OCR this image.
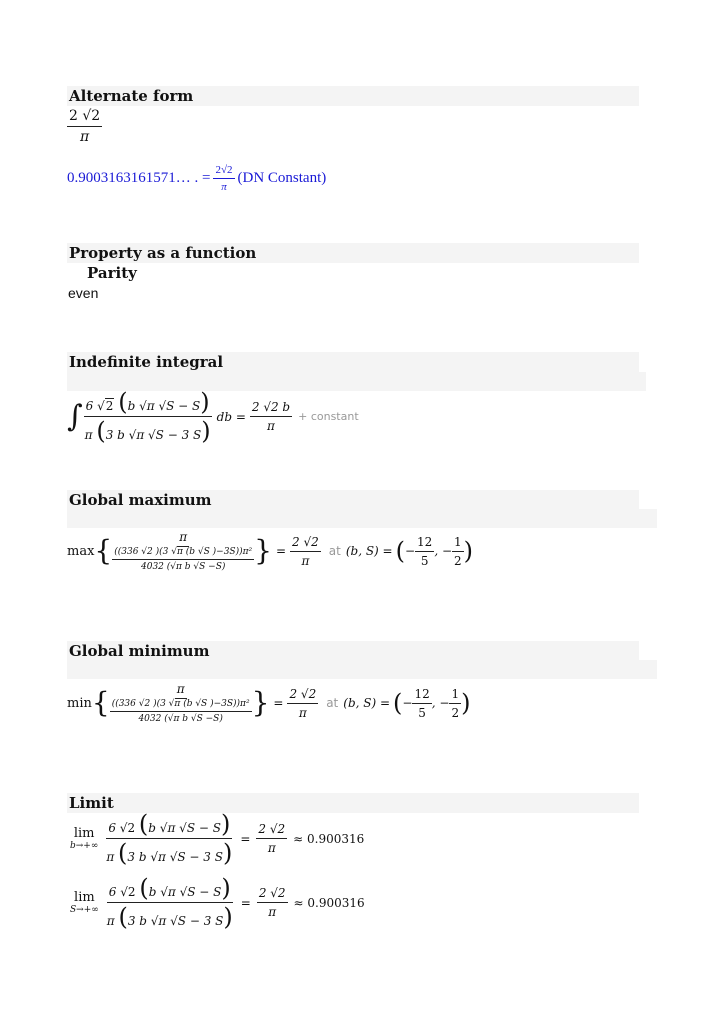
Alternate form
$\frac{2 √2}{\pi}$
0.9003163161571… . = $\frac{2√2}{\pi} (DN$ Constant)
Property as a function
Parity
even
Indefinite integral
∫ $\frac{6 √2 (b √\pi √S - S)}{\pi (3 b √\pi √S - 3 S)}$ db = $\frac{2 √2 b}{\pi}$ + constant
Global maximum
max { $\frac{\pi}{\frac{\text{((336 √2 )(3 √π (b √S )−3S))π²}}{\text{4032 (√π b √S −S)}}}$ } = $\frac{2 √2}{\pi}$ at (b, S) = ( − $\frac{12}{5}$ , − $\frac{1}{2}$ )
Global minimum
min { $\frac{\pi}{\frac{\text{((336 √2 )(3 √π (b √S )−3S))π²}}{\text{4032 (√π b √S −S)}}}$ } = $\frac{2 √2}{\pi}$ at (b, S) = ( − $\frac{12}{5}$ , − $\frac{1}{2}$ )
Limit
lim
$b\to+\infty \frac{6 √2 (b √\pi √S - S)}{\pi (3 b √\pi √S - 3 S)} = \frac{2 √2}{\pi} \approx 0.900316$
lim
$S\to+\infty \frac{6 √2 (b √\pi √S - S)}{\pi (3 b √\pi √S - 3 S)} = \frac{2 √2}{\pi} \approx 0.900316$
